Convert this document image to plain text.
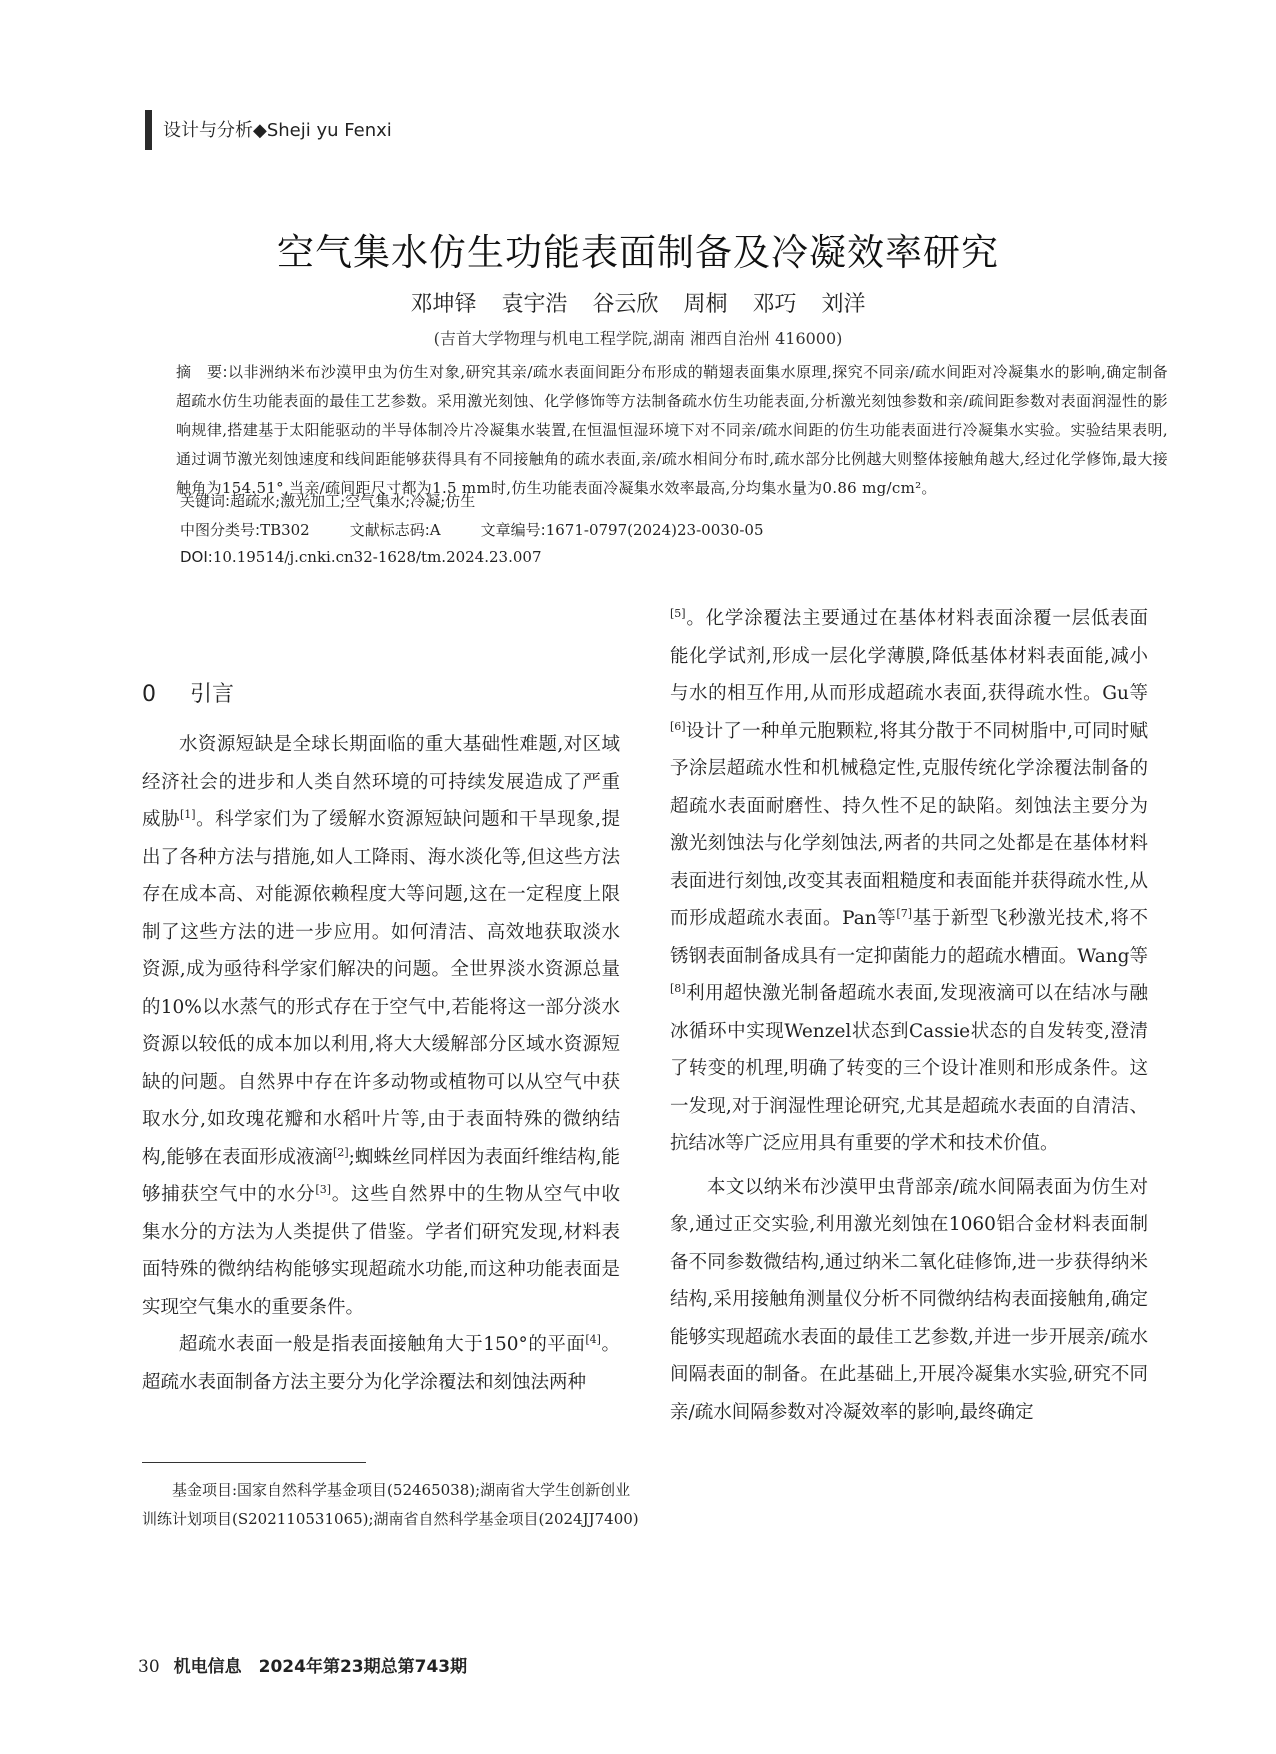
设计与分析◆Sheji yu Fenxi
空气集水仿生功能表面制备及冷凝效率研究
邓坤铎 袁宇浩 谷云欣 周桐 邓巧 刘洋
(吉首大学物理与机电工程学院,湖南 湘西自治州 416000)
摘　要:以非洲纳米布沙漠甲虫为仿生对象,研究其亲/疏水表面间距分布形成的鞘翅表面集水原理,探究不同亲/疏水间距对冷凝集水的影响,确定制备超疏水仿生功能表面的最佳工艺参数。采用激光刻蚀、化学修饰等方法制备疏水仿生功能表面,分析激光刻蚀参数和亲/疏间距参数对表面润湿性的影响规律,搭建基于太阳能驱动的半导体制冷片冷凝集水装置,在恒温恒湿环境下对不同亲/疏水间距的仿生功能表面进行冷凝集水实验。实验结果表明,通过调节激光刻蚀速度和线间距能够获得具有不同接触角的疏水表面,亲/疏水相间分布时,疏水部分比例越大则整体接触角越大,经过化学修饰,最大接触角为154.51°,当亲/疏间距尺寸都为1.5 mm时,仿生功能表面冷凝集水效率最高,分均集水量为0.86 mg/cm²。
关键词:超疏水;激光加工;空气集水;冷凝;仿生
中图分类号:TB302	文献标志码:A	文章编号:1671-0797(2024)23-0030-05
DOI:10.19514/j.cnki.cn32-1628/tm.2024.23.007

0 引言

水资源短缺是全球长期面临的重大基础性难题,对区域经济社会的进步和人类自然环境的可持续发展造成了严重威胁[1]。科学家们为了缓解水资源短缺问题和干旱现象,提出了各种方法与措施,如人工降雨、海水淡化等,但这些方法存在成本高、对能源依赖程度大等问题,这在一定程度上限制了这些方法的进一步应用。如何清洁、高效地获取淡水资源,成为亟待科学家们解决的问题。全世界淡水资源总量的10%以水蒸气的形式存在于空气中,若能将这一部分淡水资源以较低的成本加以利用,将大大缓解部分区域水资源短缺的问题。自然界中存在许多动物或植物可以从空气中获取水分,如玫瑰花瓣和水稻叶片等,由于表面特殊的微纳结构,能够在表面形成液滴[2];蜘蛛丝同样因为表面纤维结构,能够捕获空气中的水分[3]。这些自然界中的生物从空气中收集水分的方法为人类提供了借鉴。学者们研究发现,材料表面特殊的微纳结构能够实现超疏水功能,而这种功能表面是实现空气集水的重要条件。

超疏水表面一般是指表面接触角大于150°的平面[4]。超疏水表面制备方法主要分为化学涂覆法和刻蚀法两种

[5]。化学涂覆法主要通过在基体材料表面涂覆一层低表面能化学试剂,形成一层化学薄膜,降低基体材料表面能,减小与水的相互作用,从而形成超疏水表面,获得疏水性。Gu等[6]设计了一种单元胞颗粒,将其分散于不同树脂中,可同时赋予涂层超疏水性和机械稳定性,克服传统化学涂覆法制备的超疏水表面耐磨性、持久性不足的缺陷。刻蚀法主要分为激光刻蚀法与化学刻蚀法,两者的共同之处都是在基体材料表面进行刻蚀,改变其表面粗糙度和表面能并获得疏水性,从而形成超疏水表面。Pan等[7]基于新型飞秒激光技术,将不锈钢表面制备成具有一定抑菌能力的超疏水槽面。Wang等[8]利用超快激光制备超疏水表面,发现液滴可以在结冰与融冰循环中实现Wenzel状态到Cassie状态的自发转变,澄清了转变的机理,明确了转变的三个设计准则和形成条件。这一发现,对于润湿性理论研究,尤其是超疏水表面的自清洁、抗结冰等广泛应用具有重要的学术和技术价值。

本文以纳米布沙漠甲虫背部亲/疏水间隔表面为仿生对象,通过正交实验,利用激光刻蚀在1060铝合金材料表面制备不同参数微结构,通过纳米二氧化硅修饰,进一步获得纳米结构,采用接触角测量仪分析不同微纳结构表面接触角,确定能够实现超疏水表面的最佳工艺参数,并进一步开展亲/疏水间隔表面的制备。在此基础上,开展冷凝集水实验,研究不同亲/疏水间隔参数对冷凝效率的影响,最终确定

基金项目:国家自然科学基金项目(52465038);湖南省大学生创新创业训练计划项目(S202110531065);湖南省自然科学基金项目(2024JJ7400)
30 机电信息　2024年第23期总第743期
